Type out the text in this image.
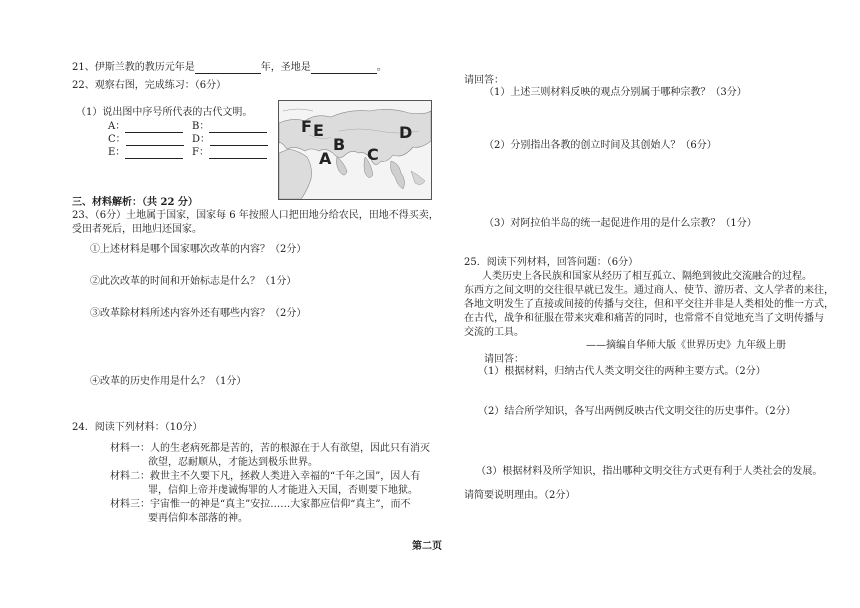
21、伊斯兰教的教历元年是	年，圣地是	。
22、观察右图，完成练习：（6分）
（1）说出图中序号所代表的古代文明。
A：	B：
C：	D：
E：	F：
F E
A
B
C
D
三、材料解析：（共 22 分）
23、（6分）土地属于国家，国家每 6 年按照人口把田地分给农民，田地不得买卖，
受田者死后，田地归还国家。
①上述材料是哪个国家哪次改革的内容？（2分）
②此次改革的时间和开始标志是什么？（1分）
③改革除材料所述内容外还有哪些内容？（2分）
④改革的历史作用是什么？（1分）
24．阅读下列材料：（10分）
材料一：人的生老病死都是苦的，苦的根源在于人有欲望，因此只有消灭
欲望，忍耐顺从，才能达到极乐世界。
材料二：救世主不久要下凡，拯救人类进入幸福的“千年之国”，因人有
罪，信仰上帝并虔诚悔罪的人才能进入天国，否则要下地狱。
材料三：宇宙惟一的神是“真主”安拉……大家都应信仰“真主”，而不
要再信仰本部落的神。
请回答：
（1）上述三则材料反映的观点分别属于哪种宗教？（3分）
（2）分别指出各教的创立时间及其创始人？（6分）
（3）对阿拉伯半岛的统一起促进作用的是什么宗教？（1分）
25．阅读下列材料，回答问题：（6分）
人类历史上各民族和国家从经历了相互孤立、隔绝到彼此交流融合的过程。
东西方之间文明的交往很早就已发生。通过商人、使节、游历者、文人学者的来往，
各地文明发生了直接或间接的传播与交往，但和平交往并非是人类相处的惟一方式，
在古代，战争和征服在带来灾难和痛苦的同时，也常常不自觉地充当了文明传播与
交流的工具。
——摘编自华师大版《世界历史》九年级上册
请回答：
（1）根据材料，归纳古代人类文明交往的两种主要方式。（2分）
（2）结合所学知识，各写出两例反映古代文明交往的历史事件。（2分）
（3）根据材料及所学知识，指出哪种文明交往方式更有利于人类社会的发展。
请简要说明理由。（2分）
第二页
